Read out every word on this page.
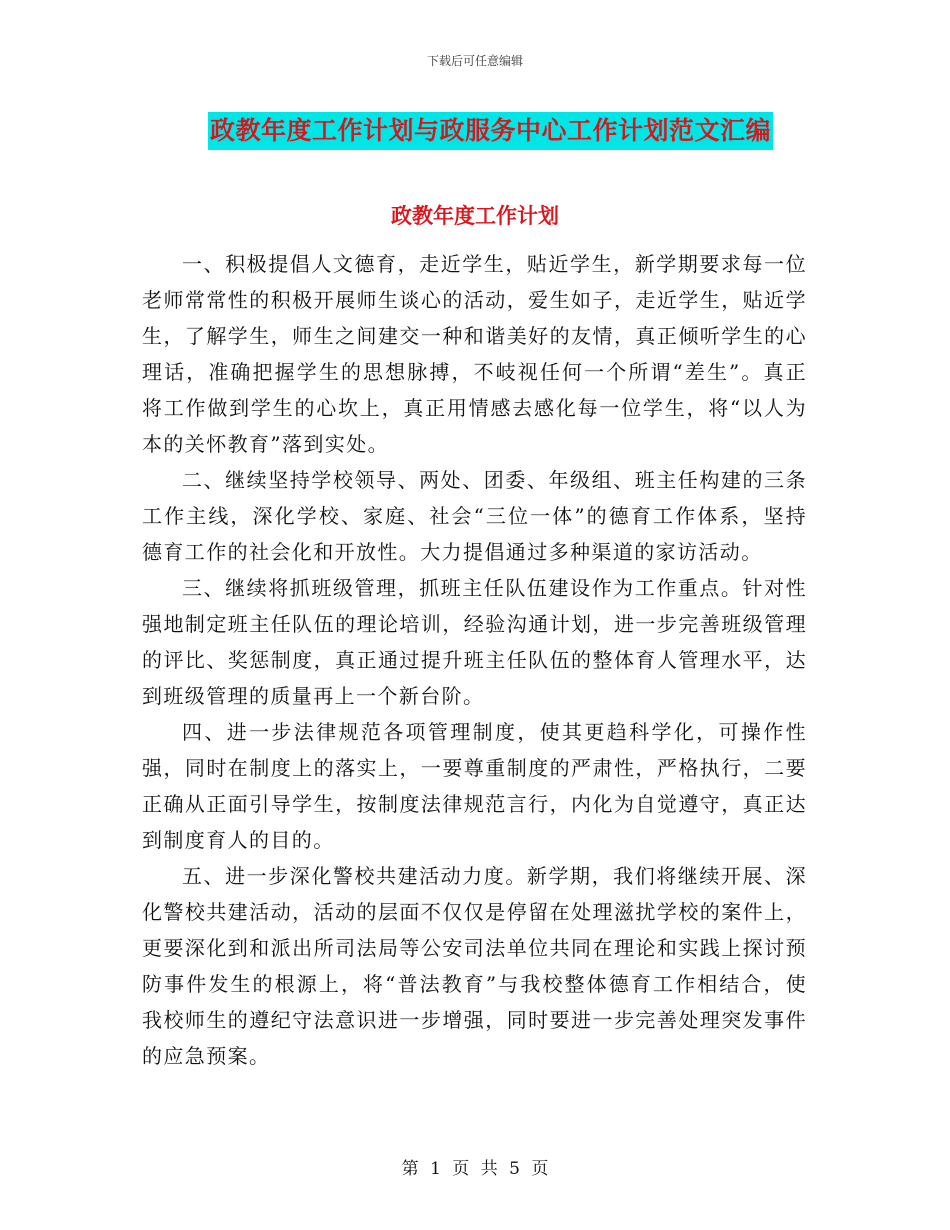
下载后可任意编辑
政教年度工作计划与政服务中心工作计划范文汇编
政教年度工作计划

一、积极提倡人文德育，走近学生，贴近学生，新学期要求每一位老师常常性的积极开展师生谈心的活动，爱生如子，走近学生，贴近学生，了解学生，师生之间建交一种和谐美好的友情，真正倾听学生的心理话，准确把握学生的思想脉搏，不岐视任何一个所谓“差生”。真正将工作做到学生的心坎上，真正用情感去感化每一位学生，将“以人为本的关怀教育”落到实处。

二、继续坚持学校领导、两处、团委、年级组、班主任构建的三条工作主线，深化学校、家庭、社会“三位一体”的德育工作体系，坚持德育工作的社会化和开放性。大力提倡通过多种渠道的家访活动。

三、继续将抓班级管理，抓班主任队伍建设作为工作重点。针对性强地制定班主任队伍的理论培训，经验沟通计划，进一步完善班级管理的评比、奖惩制度，真正通过提升班主任队伍的整体育人管理水平，达到班级管理的质量再上一个新台阶。

四、进一步法律规范各项管理制度，使其更趋科学化，可操作性强，同时在制度上的落实上，一要尊重制度的严肃性，严格执行，二要正确从正面引导学生，按制度法律规范言行，内化为自觉遵守，真正达到制度育人的目的。

五、进一步深化警校共建活动力度。新学期，我们将继续开展、深化警校共建活动，活动的层面不仅仅是停留在处理滋扰学校的案件上，更要深化到和派出所司法局等公安司法单位共同在理论和实践上探讨预防事件发生的根源上，将“普法教育”与我校整体德育工作相结合，使我校师生的遵纪守法意识进一步增强，同时要进一步完善处理突发事件的应急预案。

第 1 页 共 5 页
